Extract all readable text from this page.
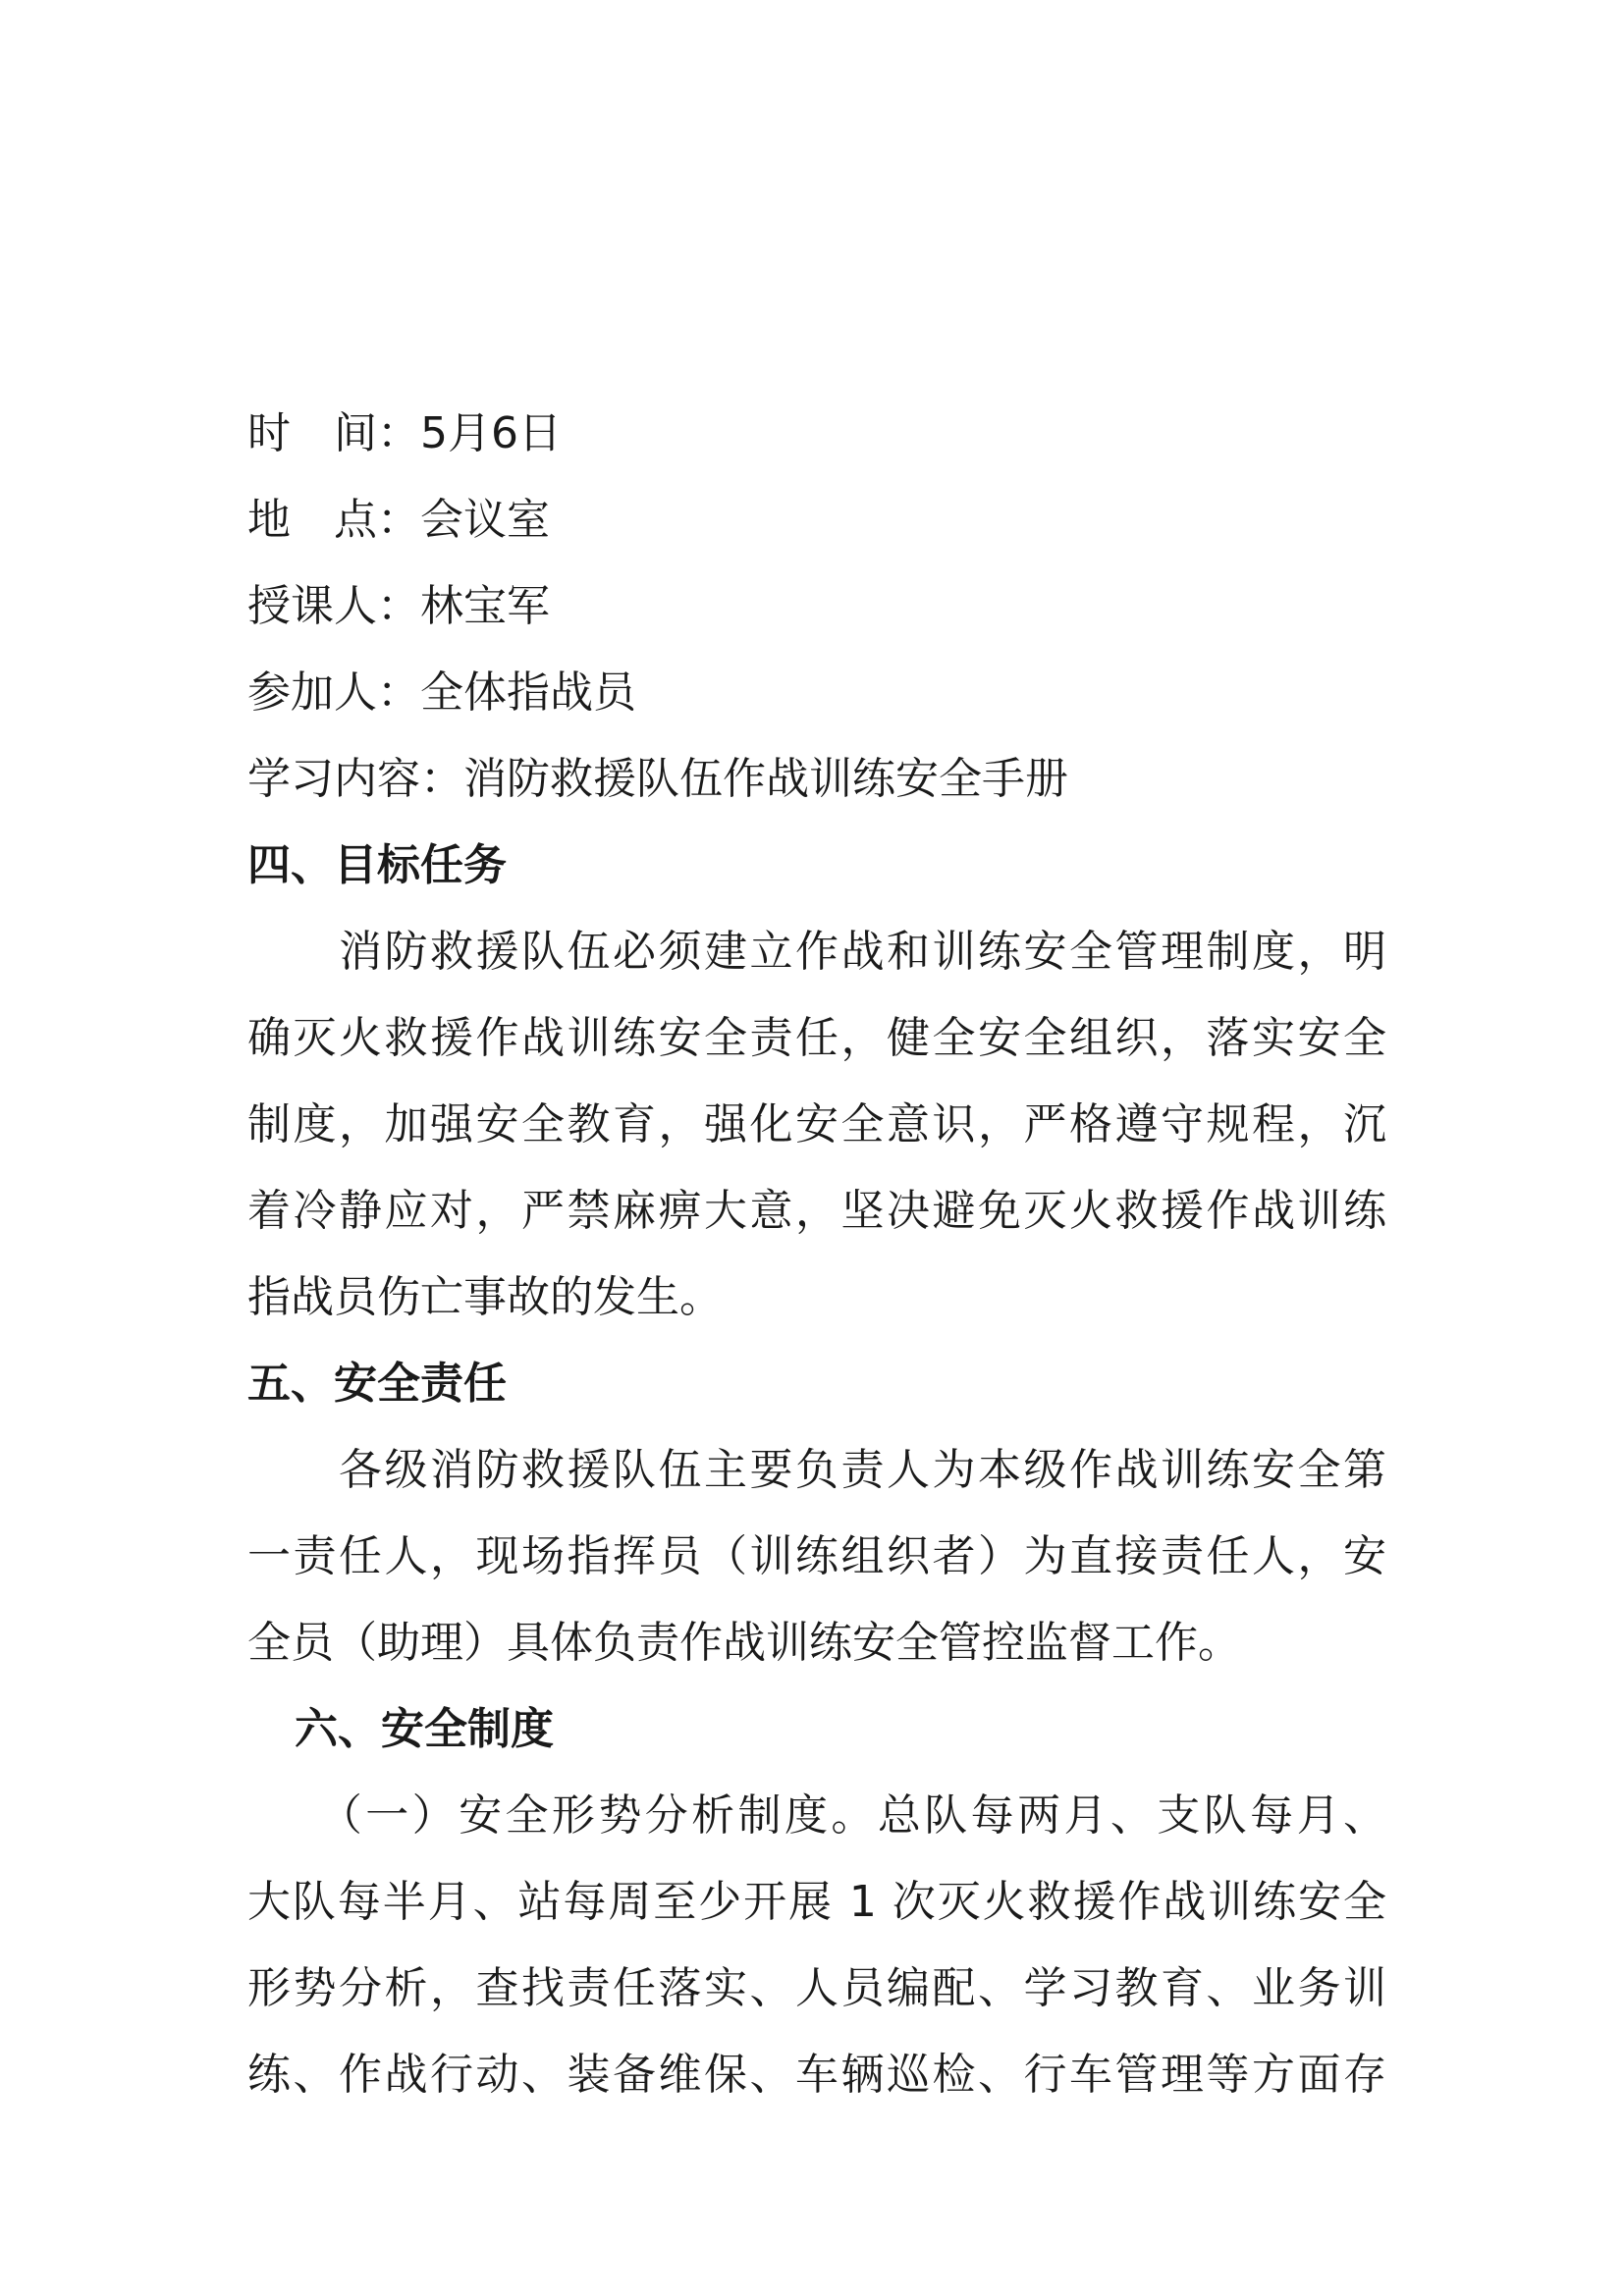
时　间：5月6日
地　点：会议室
授课人：林宝军
参加人：全体指战员
学习内容：消防救援队伍作战训练安全手册
四、目标任务
　　消防救援队伍必须建立作战和训练安全管理制度，明
确灭火救援作战训练安全责任，健全安全组织，落实安全
制度，加强安全教育，强化安全意识，严格遵守规程，沉
着冷静应对，严禁麻痹大意，坚决避免灭火救援作战训练
指战员伤亡事故的发生。
五、安全责任
　　各级消防救援队伍主要负责人为本级作战训练安全第
一责任人，现场指挥员（训练组织者）为直接责任人，安
全员（助理）具体负责作战训练安全管控监督工作。
六、安全制度
　　（一）安全形势分析制度。总队每两月、支队每月、
大队每半月、站每周至少开展 1 次灭火救援作战训练安全
形势分析，查找责任落实、人员编配、学习教育、业务训
练、作战行动、装备维保、车辆巡检、行车管理等方面存
